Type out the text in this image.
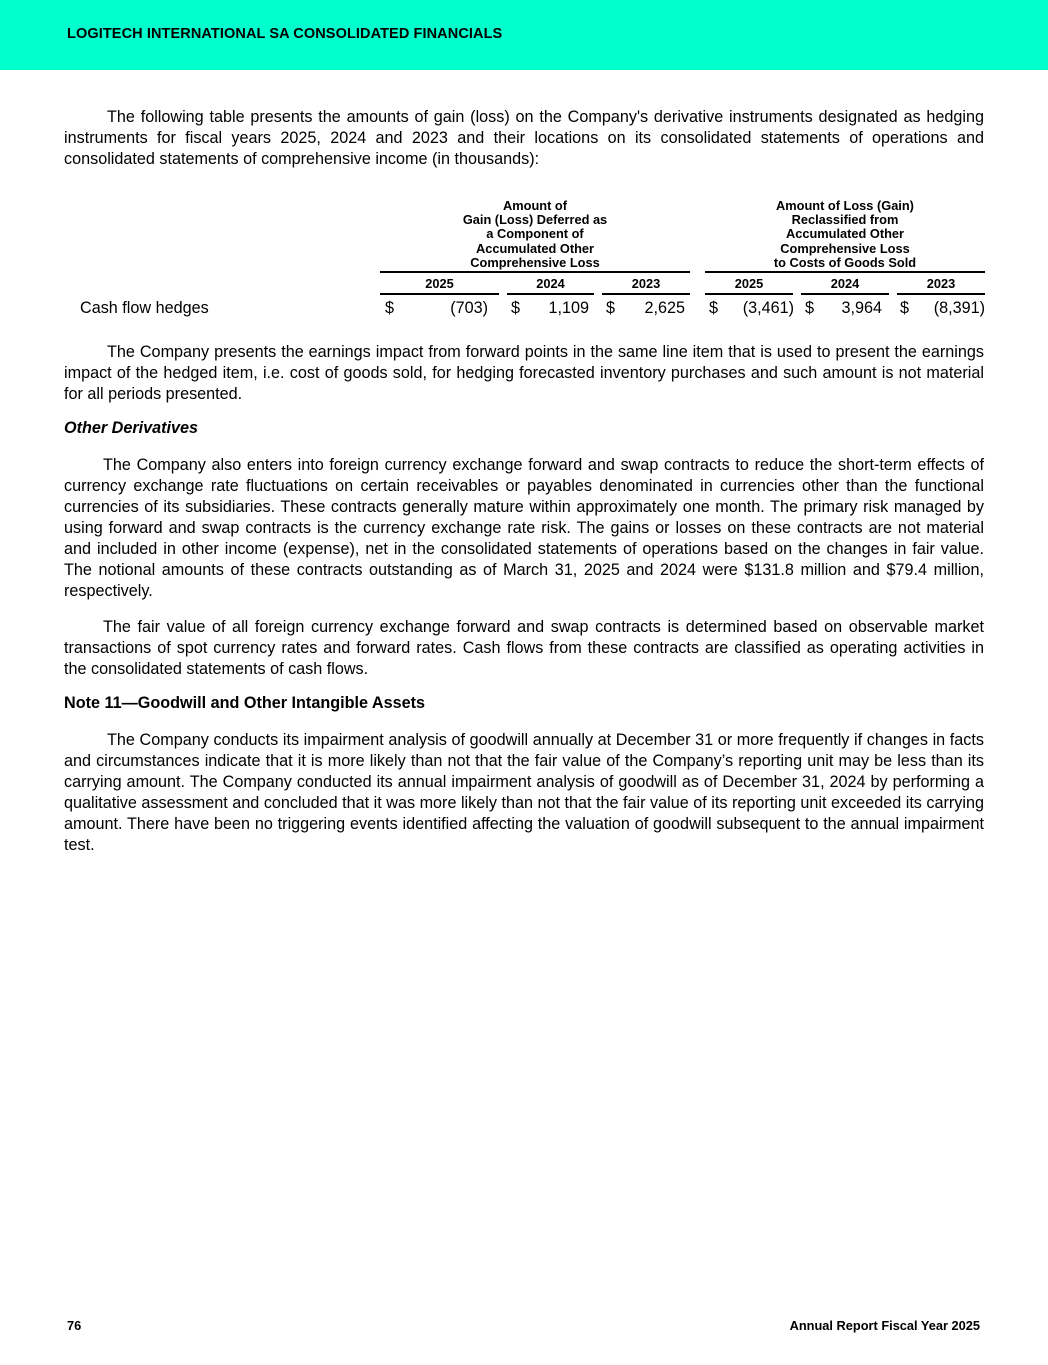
LOGITECH INTERNATIONAL SA CONSOLIDATED FINANCIALS

The following table presents the amounts of gain (loss) on the Company's derivative instruments designated as hedging instruments for fiscal years 2025, 2024 and 2023 and their locations on its consolidated statements of operations and consolidated statements of comprehensive income (in thousands):

Amount of
Gain (Loss) Deferred as
a Component of
Accumulated Other
Comprehensive Loss
Amount of Loss (Gain)
Reclassified from
Accumulated Other
Comprehensive Loss
to Costs of Goods Sold
2025	2024	2023	2025	2024	2023
Cash flow hedges	$	(703) $	1,109 $	2,625 $	(3,461) $	3,964 $	(8,391)

The Company presents the earnings impact from forward points in the same line item that is used to present the earnings impact of the hedged item, i.e. cost of goods sold, for hedging forecasted inventory purchases and such amount is not material for all periods presented.

Other Derivatives

The Company also enters into foreign currency exchange forward and swap contracts to reduce the short-term effects of currency exchange rate fluctuations on certain receivables or payables denominated in currencies other than the functional currencies of its subsidiaries. These contracts generally mature within approximately one month. The primary risk managed by using forward and swap contracts is the currency exchange rate risk. The gains or losses on these contracts are not material and included in other income (expense), net in the consolidated statements of operations based on the changes in fair value. The notional amounts of these contracts outstanding as of March 31, 2025 and 2024 were $131.8 million and $79.4 million, respectively.

The fair value of all foreign currency exchange forward and swap contracts is determined based on observable market transactions of spot currency rates and forward rates. Cash flows from these contracts are classified as operating activities in the consolidated statements of cash flows.

Note 11—Goodwill and Other Intangible Assets

The Company conducts its impairment analysis of goodwill annually at December 31 or more frequently if changes in facts and circumstances indicate that it is more likely than not that the fair value of the Company’s reporting unit may be less than its carrying amount. The Company conducted its annual impairment analysis of goodwill as of December 31, 2024 by performing a qualitative assessment and concluded that it was more likely than not that the fair value of its reporting unit exceeded its carrying amount. There have been no triggering events identified affecting the valuation of goodwill subsequent to the annual impairment test.

76	Annual Report Fiscal Year 2025
